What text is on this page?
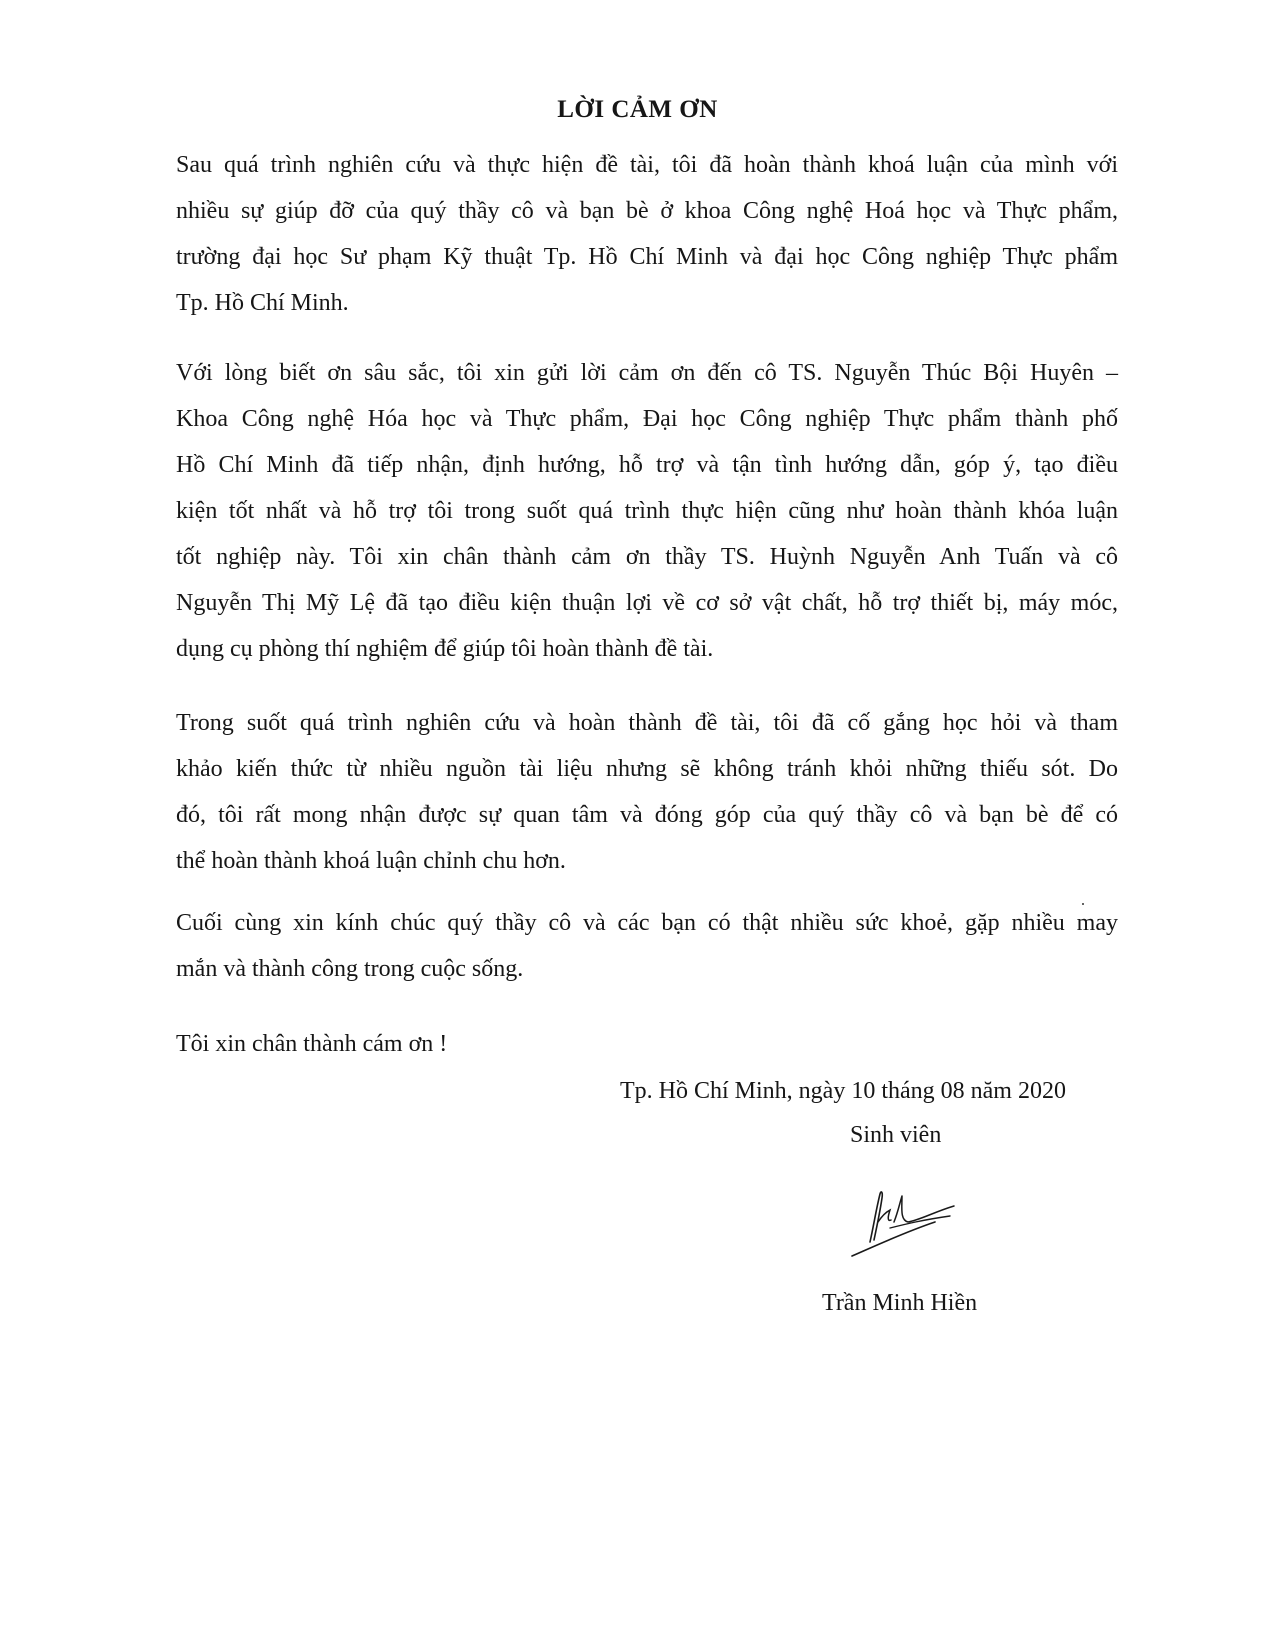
LỜI CẢM ƠN
Sau quá trình nghiên cứu và thực hiện đề tài, tôi đã hoàn thành khoá luận của mình với
nhiều sự giúp đỡ của quý thầy cô và bạn bè ở khoa Công nghệ Hoá học và Thực phẩm,
trường đại học Sư phạm Kỹ thuật Tp. Hồ Chí Minh và đại học Công nghiệp Thực phẩm
Tp. Hồ Chí Minh.
Với lòng biết ơn sâu sắc, tôi xin gửi lời cảm ơn đến cô TS. Nguyễn Thúc Bội Huyên –
Khoa Công nghệ Hóa học và Thực phẩm, Đại học Công nghiệp Thực phẩm thành phố
Hồ Chí Minh đã tiếp nhận, định hướng, hỗ trợ và tận tình hướng dẫn, góp ý, tạo điều
kiện tốt nhất và hỗ trợ tôi trong suốt quá trình thực hiện cũng như hoàn thành khóa luận
tốt nghiệp này. Tôi xin chân thành cảm ơn thầy TS. Huỳnh Nguyễn Anh Tuấn và cô
Nguyễn Thị Mỹ Lệ đã tạo điều kiện thuận lợi về cơ sở vật chất, hỗ trợ thiết bị, máy móc,
dụng cụ phòng thí nghiệm để giúp tôi hoàn thành đề tài.
Trong suốt quá trình nghiên cứu và hoàn thành đề tài, tôi đã cố gắng học hỏi và tham
khảo kiến thức từ nhiều nguồn tài liệu nhưng sẽ không tránh khỏi những thiếu sót. Do
đó, tôi rất mong nhận được sự quan tâm và đóng góp của quý thầy cô và bạn bè để có
thể hoàn thành khoá luận chỉnh chu hơn.
Cuối cùng xin kính chúc quý thầy cô và các bạn có thật nhiều sức khoẻ, gặp nhiều may
mắn và thành công trong cuộc sống.
Tôi xin chân thành cám ơn !
Tp. Hồ Chí Minh, ngày 10 tháng 08 năm 2020
Sinh viên
Trần Minh Hiền
